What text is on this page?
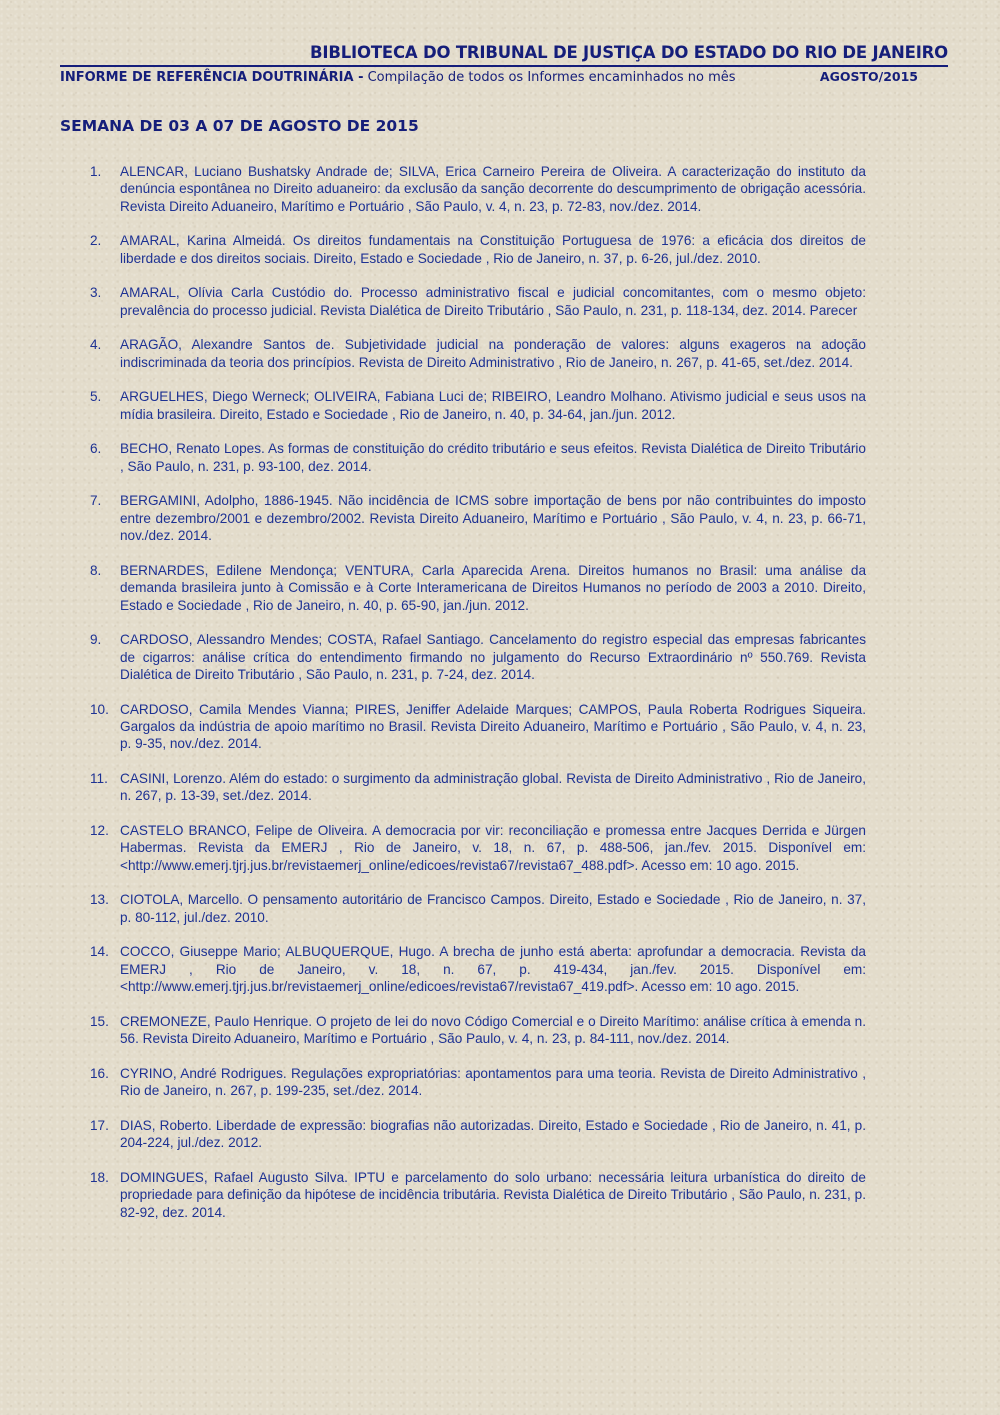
BIBLIOTECA DO TRIBUNAL DE JUSTIÇA DO ESTADO DO RIO DE JANEIRO
INFORME DE REFERÊNCIA DOUTRINÁRIA - Compilação de todos os Informes encaminhados no mês	AGOSTO/2015
SEMANA DE 03 A 07 DE AGOSTO DE 2015
1.	ALENCAR, Luciano Bushatsky Andrade de; SILVA, Erica Carneiro Pereira de Oliveira. A caracterização do instituto da denúncia espontânea no Direito aduaneiro: da exclusão da sanção decorrente do descumprimento de obrigação acessória. Revista Direito Aduaneiro, Marítimo e Portuário , São Paulo, v. 4, n. 23, p. 72-83, nov./dez. 2014.
2.	AMARAL, Karina Almeidá. Os direitos fundamentais na Constituição Portuguesa de 1976: a eficácia dos direitos de liberdade e dos direitos sociais. Direito, Estado e Sociedade , Rio de Janeiro, n. 37, p. 6-26, jul./dez. 2010.
3.	AMARAL, Olívia Carla Custódio do. Processo administrativo fiscal e judicial concomitantes, com o mesmo objeto: prevalência do processo judicial. Revista Dialética de Direito Tributário , São Paulo, n. 231, p. 118-134, dez. 2014. Parecer
4.	ARAGÃO, Alexandre Santos de. Subjetividade judicial na ponderação de valores: alguns exageros na adoção indiscriminada da teoria dos princípios. Revista de Direito Administrativo , Rio de Janeiro, n. 267, p. 41-65, set./dez. 2014.
5.	ARGUELHES, Diego Werneck; OLIVEIRA, Fabiana Luci de; RIBEIRO, Leandro Molhano. Ativismo judicial e seus usos na mídia brasileira. Direito, Estado e Sociedade , Rio de Janeiro, n. 40, p. 34-64, jan./jun. 2012.
6.	BECHO, Renato Lopes. As formas de constituição do crédito tributário e seus efeitos. Revista Dialética de Direito Tributário , São Paulo, n. 231, p. 93-100, dez. 2014.
7.	BERGAMINI, Adolpho, 1886-1945. Não incidência de ICMS sobre importação de bens por não contribuintes do imposto entre dezembro/2001 e dezembro/2002. Revista Direito Aduaneiro, Marítimo e Portuário , São Paulo, v. 4, n. 23, p. 66-71, nov./dez. 2014.
8.	BERNARDES, Edilene Mendonça; VENTURA, Carla Aparecida Arena. Direitos humanos no Brasil: uma análise da demanda brasileira junto à Comissão e à Corte Interamericana de Direitos Humanos no período de 2003 a 2010. Direito, Estado e Sociedade , Rio de Janeiro, n. 40, p. 65-90, jan./jun. 2012.
9.	CARDOSO, Alessandro Mendes; COSTA, Rafael Santiago. Cancelamento do registro especial das empresas fabricantes de cigarros: análise crítica do entendimento firmando no julgamento do Recurso Extraordinário nº 550.769. Revista Dialética de Direito Tributário , São Paulo, n. 231, p. 7-24, dez. 2014.
10. CARDOSO, Camila Mendes Vianna; PIRES, Jeniffer Adelaide Marques; CAMPOS, Paula Roberta Rodrigues Siqueira. Gargalos da indústria de apoio marítimo no Brasil. Revista Direito Aduaneiro, Marítimo e Portuário , São Paulo, v. 4, n. 23, p. 9-35, nov./dez. 2014.
11. CASINI, Lorenzo. Além do estado: o surgimento da administração global. Revista de Direito Administrativo , Rio de Janeiro, n. 267, p. 13-39, set./dez. 2014.
12. CASTELO BRANCO, Felipe de Oliveira. A democracia por vir: reconciliação e promessa entre Jacques Derrida e Jürgen Habermas. Revista da EMERJ , Rio de Janeiro, v. 18, n. 67, p. 488-506, jan./fev. 2015. Disponível em: <http://www.emerj.tjrj.jus.br/revistaemerj_online/edicoes/revista67/revista67_488.pdf>. Acesso em: 10 ago. 2015.
13. CIOTOLA, Marcello. O pensamento autoritário de Francisco Campos. Direito, Estado e Sociedade , Rio de Janeiro, n. 37, p. 80-112, jul./dez. 2010.
14. COCCO, Giuseppe Mario; ALBUQUERQUE, Hugo. A brecha de junho está aberta: aprofundar a democracia. Revista da EMERJ , Rio de Janeiro, v. 18, n. 67, p. 419-434, jan./fev. 2015. Disponível em: <http://www.emerj.tjrj.jus.br/revistaemerj_online/edicoes/revista67/revista67_419.pdf>. Acesso em: 10 ago. 2015.
15. CREMONEZE, Paulo Henrique. O projeto de lei do novo Código Comercial e o Direito Marítimo: análise crítica à emenda n. 56. Revista Direito Aduaneiro, Marítimo e Portuário , São Paulo, v. 4, n. 23, p. 84-111, nov./dez. 2014.
16. CYRINO, André Rodrigues. Regulações expropriatórias: apontamentos para uma teoria. Revista de Direito Administrativo , Rio de Janeiro, n. 267, p. 199-235, set./dez. 2014.
17. DIAS, Roberto. Liberdade de expressão: biografias não autorizadas. Direito, Estado e Sociedade , Rio de Janeiro, n. 41, p. 204-224, jul./dez. 2012.
18. DOMINGUES, Rafael Augusto Silva. IPTU e parcelamento do solo urbano: necessária leitura urbanística do direito de propriedade para definição da hipótese de incidência tributária. Revista Dialética de Direito Tributário , São Paulo, n. 231, p. 82-92, dez. 2014.
